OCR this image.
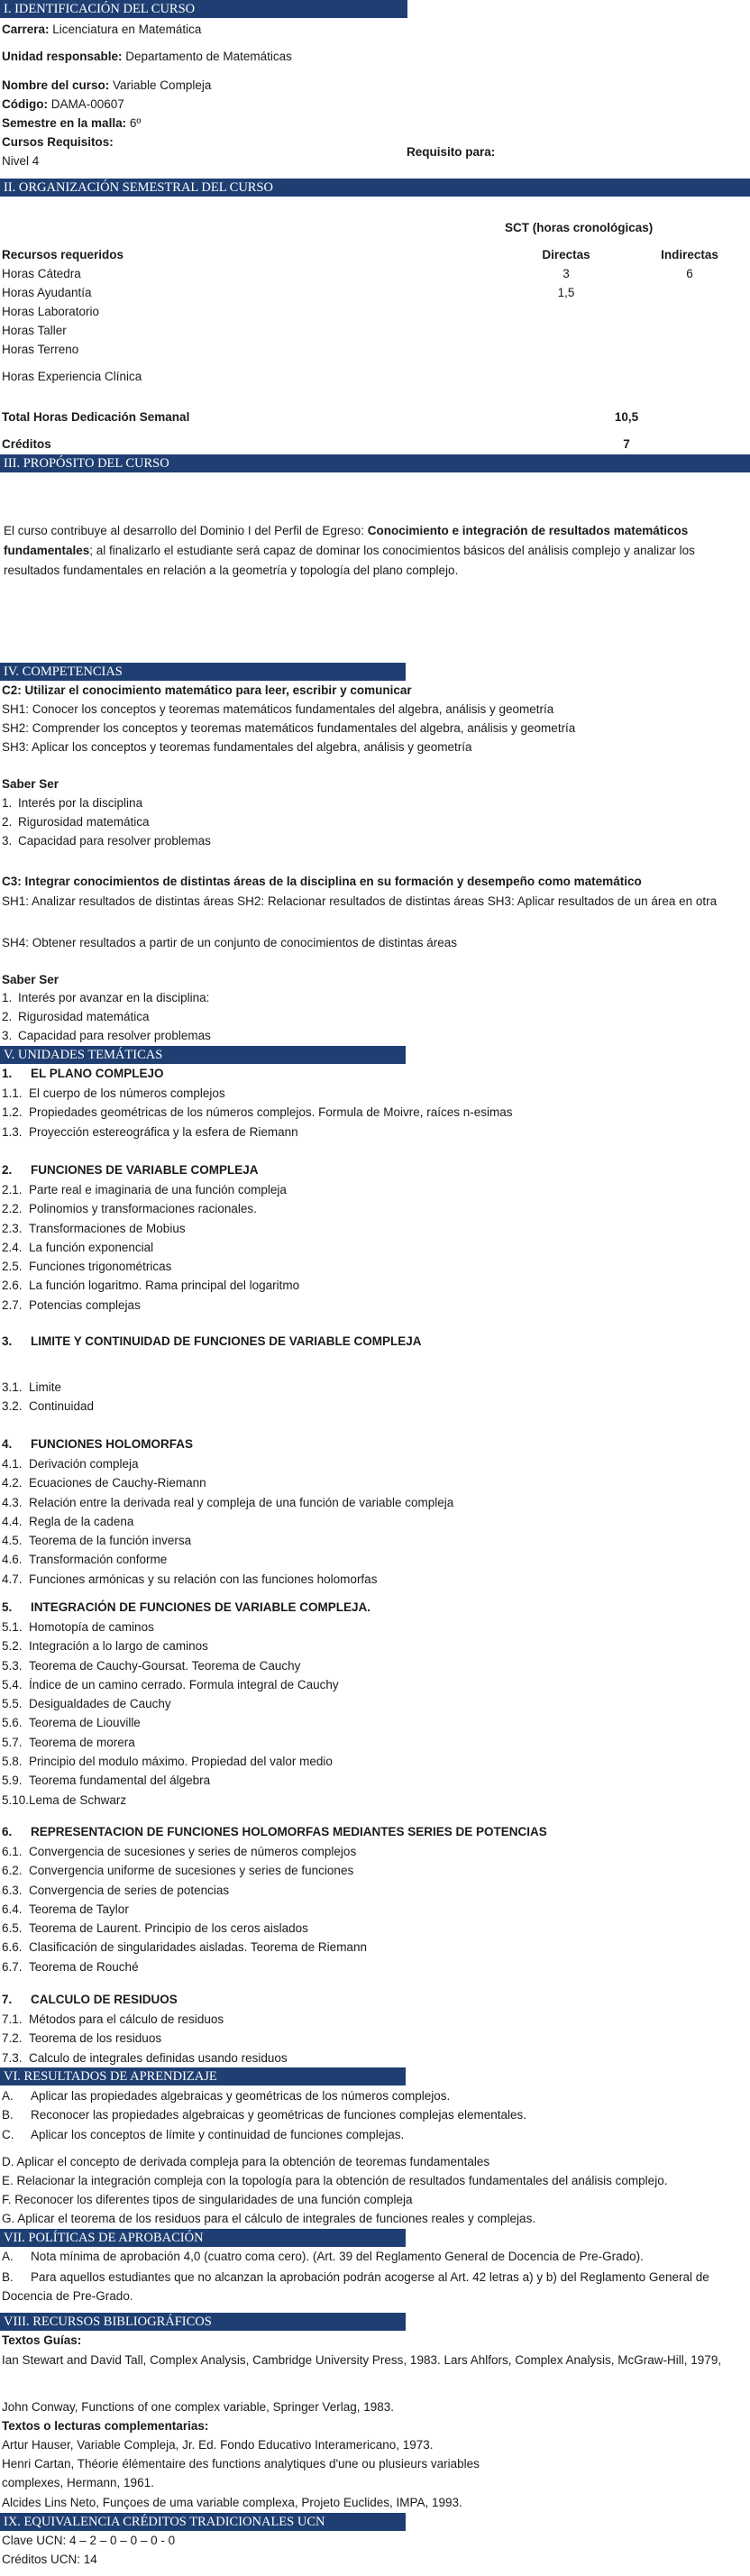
I. IDENTIFICACIÓN DEL CURSO
Carrera: Licenciatura en Matemática
Unidad responsable: Departamento de Matemáticas
Nombre del curso: Variable Compleja
Código: DAMA-00607
Semestre en la malla: 6º
Cursos Requisitos:
Nivel 4
Requisito para:
II. ORGANIZACIÓN SEMESTRAL DEL CURSO
SCT (horas cronológicas)
Recursos requeridos	Directas	Indirectas
Horas Cátedra	3	6
Horas Ayudantía	1,5
Horas Laboratorio
Horas Taller
Horas Terreno
Horas Experiencia Clínica
Total Horas Dedicación Semanal	10,5
Créditos	7
III. PROPÓSITO DEL CURSO
El curso contribuye al desarrollo del Dominio I del Perfil de Egreso: Conocimiento e integración de resultados matemáticos fundamentales; al finalizarlo el estudiante será capaz de dominar los conocimientos básicos del análisis complejo y analizar los resultados fundamentales en relación a la geometría y topología del plano complejo.
IV. COMPETENCIAS
C2: Utilizar el conocimiento matemático para leer, escribir y comunicar
SH1: Conocer los conceptos y teoremas matemáticos fundamentales del algebra, análisis y geometría
SH2: Comprender los conceptos y teoremas matemáticos fundamentales del algebra, análisis y geometría
SH3: Aplicar los conceptos y teoremas fundamentales del algebra, análisis y geometría
Saber Ser
1. Interés por la disciplina
2. Rigurosidad matemática
3. Capacidad para resolver problemas
C3: Integrar conocimientos de distintas áreas de la disciplina en su formación y desempeño como matemático
SH1: Analizar resultados de distintas áreas SH2: Relacionar resultados de distintas áreas SH3: Aplicar resultados de un área en otra
SH4: Obtener resultados a partir de un conjunto de conocimientos de distintas áreas
Saber Ser
1. Interés por avanzar en la disciplina:
2. Rigurosidad matemática
3. Capacidad para resolver problemas
V. UNIDADES TEMÁTICAS
1. EL PLANO COMPLEJO
1.1. El cuerpo de los números complejos
1.2. Propiedades geométricas de los números complejos. Formula de Moivre, raíces n-esimas
1.3. Proyección estereográfica y la esfera de Riemann
2. FUNCIONES DE VARIABLE COMPLEJA
2.1. Parte real e imaginaria de una función compleja
2.2. Polinomios y transformaciones racionales.
2.3. Transformaciones de Mobius
2.4. La función exponencial
2.5. Funciones trigonométricas
2.6. La función logaritmo. Rama principal del logaritmo
2.7. Potencias complejas
3. LIMITE Y CONTINUIDAD DE FUNCIONES DE VARIABLE COMPLEJA
3.1. Limite
3.2. Continuidad
4. FUNCIONES HOLOMORFAS
4.1. Derivación compleja
4.2. Ecuaciones de Cauchy-Riemann
4.3. Relación entre la derivada real y compleja de una función de variable compleja
4.4. Regla de la cadena
4.5. Teorema de la función inversa
4.6. Transformación conforme
4.7. Funciones armónicas y su relación con las funciones holomorfas
5. INTEGRACIÓN DE FUNCIONES DE VARIABLE COMPLEJA.
5.1. Homotopía de caminos
5.2. Integración a lo largo de caminos
5.3. Teorema de Cauchy-Goursat. Teorema de Cauchy
5.4. Índice de un camino cerrado. Formula integral de Cauchy
5.5. Desigualdades de Cauchy
5.6. Teorema de Liouville
5.7. Teorema de morera
5.8. Principio del modulo máximo. Propiedad del valor medio
5.9. Teorema fundamental del álgebra
5.10.Lema de Schwarz
6. REPRESENTACION DE FUNCIONES HOLOMORFAS MEDIANTES SERIES DE POTENCIAS
6.1. Convergencia de sucesiones y series de números complejos
6.2. Convergencia uniforme de sucesiones y series de funciones
6.3. Convergencia de series de potencias
6.4. Teorema de Taylor
6.5. Teorema de Laurent. Principio de los ceros aislados
6.6. Clasificación de singularidades aisladas. Teorema de Riemann
6.7. Teorema de Rouché
7. CALCULO DE RESIDUOS
7.1. Métodos para el cálculo de residuos
7.2. Teorema de los residuos
7.3. Calculo de integrales definidas usando residuos
VI. RESULTADOS DE APRENDIZAJE
A. Aplicar las propiedades algebraicas y geométricas de los números complejos.
B. Reconocer las propiedades algebraicas y geométricas de funciones complejas elementales.
C. Aplicar los conceptos de límite y continuidad de funciones complejas.
D. Aplicar el concepto de derivada compleja para la obtención de teoremas fundamentales
E. Relacionar la integración compleja con la topología para la obtención de resultados fundamentales del análisis complejo.
F. Reconocer los diferentes tipos de singularidades de una función compleja
G. Aplicar el teorema de los residuos para el cálculo de integrales de funciones reales y complejas.
VII. POLÍTICAS DE APROBACIÓN
A. Nota mínima de aprobación 4,0 (cuatro coma cero). (Art. 39 del Reglamento General de Docencia de Pre-Grado).
B. Para aquellos estudiantes que no alcanzan la aprobación podrán acogerse al Art. 42 letras a) y b) del Reglamento General de Docencia de Pre-Grado.
VIII. RECURSOS BIBLIOGRÁFICOS
Textos Guías:
Ian Stewart and David Tall, Complex Analysis, Cambridge University Press, 1983. Lars Ahlfors, Complex Analysis, McGraw-Hill, 1979,
John Conway, Functions of one complex variable, Springer Verlag, 1983.
Textos o lecturas complementarias:
Artur Hauser, Variable Compleja, Jr. Ed. Fondo Educativo Interamericano, 1973.
Henri Cartan, Théorie élémentaire des functions analytiques d'une ou plusieurs variables
complexes, Hermann, 1961.
Alcides Lins Neto, Funçoes de uma variable complexa, Projeto Euclides, IMPA, 1993.
IX. EQUIVALENCIA CRÉDITOS TRADICIONALES UCN
Clave UCN: 4 – 2 – 0 – 0 – 0 - 0
Créditos UCN: 14
